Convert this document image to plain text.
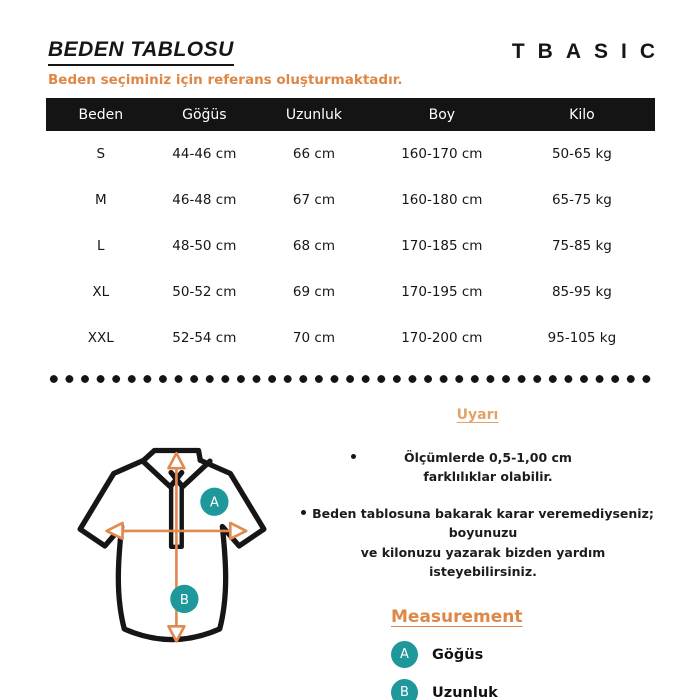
BEDEN TABLOSU
Beden seçiminiz için referans oluşturmaktadır.
TBASIC
Beden	Göğüs	Uzunluk	Boy	Kilo
S	44-46 cm	66 cm	160-170 cm	50-65 kg
M	46-48 cm	67 cm	160-180 cm	65-75 kg
L	48-50 cm	68 cm	170-185 cm	75-85 kg
XL	50-52 cm	69 cm	170-195 cm	85-95 kg
XXL	52-54 cm	70 cm	170-200 cm	95-105 kg
A
B
Uyarı
Ölçümlerde 0,5-1,00 cm
farklılıklar olabilir.
Beden tablosuna bakarak karar veremediyseniz; boyunuzu
ve kilonuzu yazarak bizden yardım isteyebilirsiniz.
Measurement
A	Göğüs
B	Uzunluk
